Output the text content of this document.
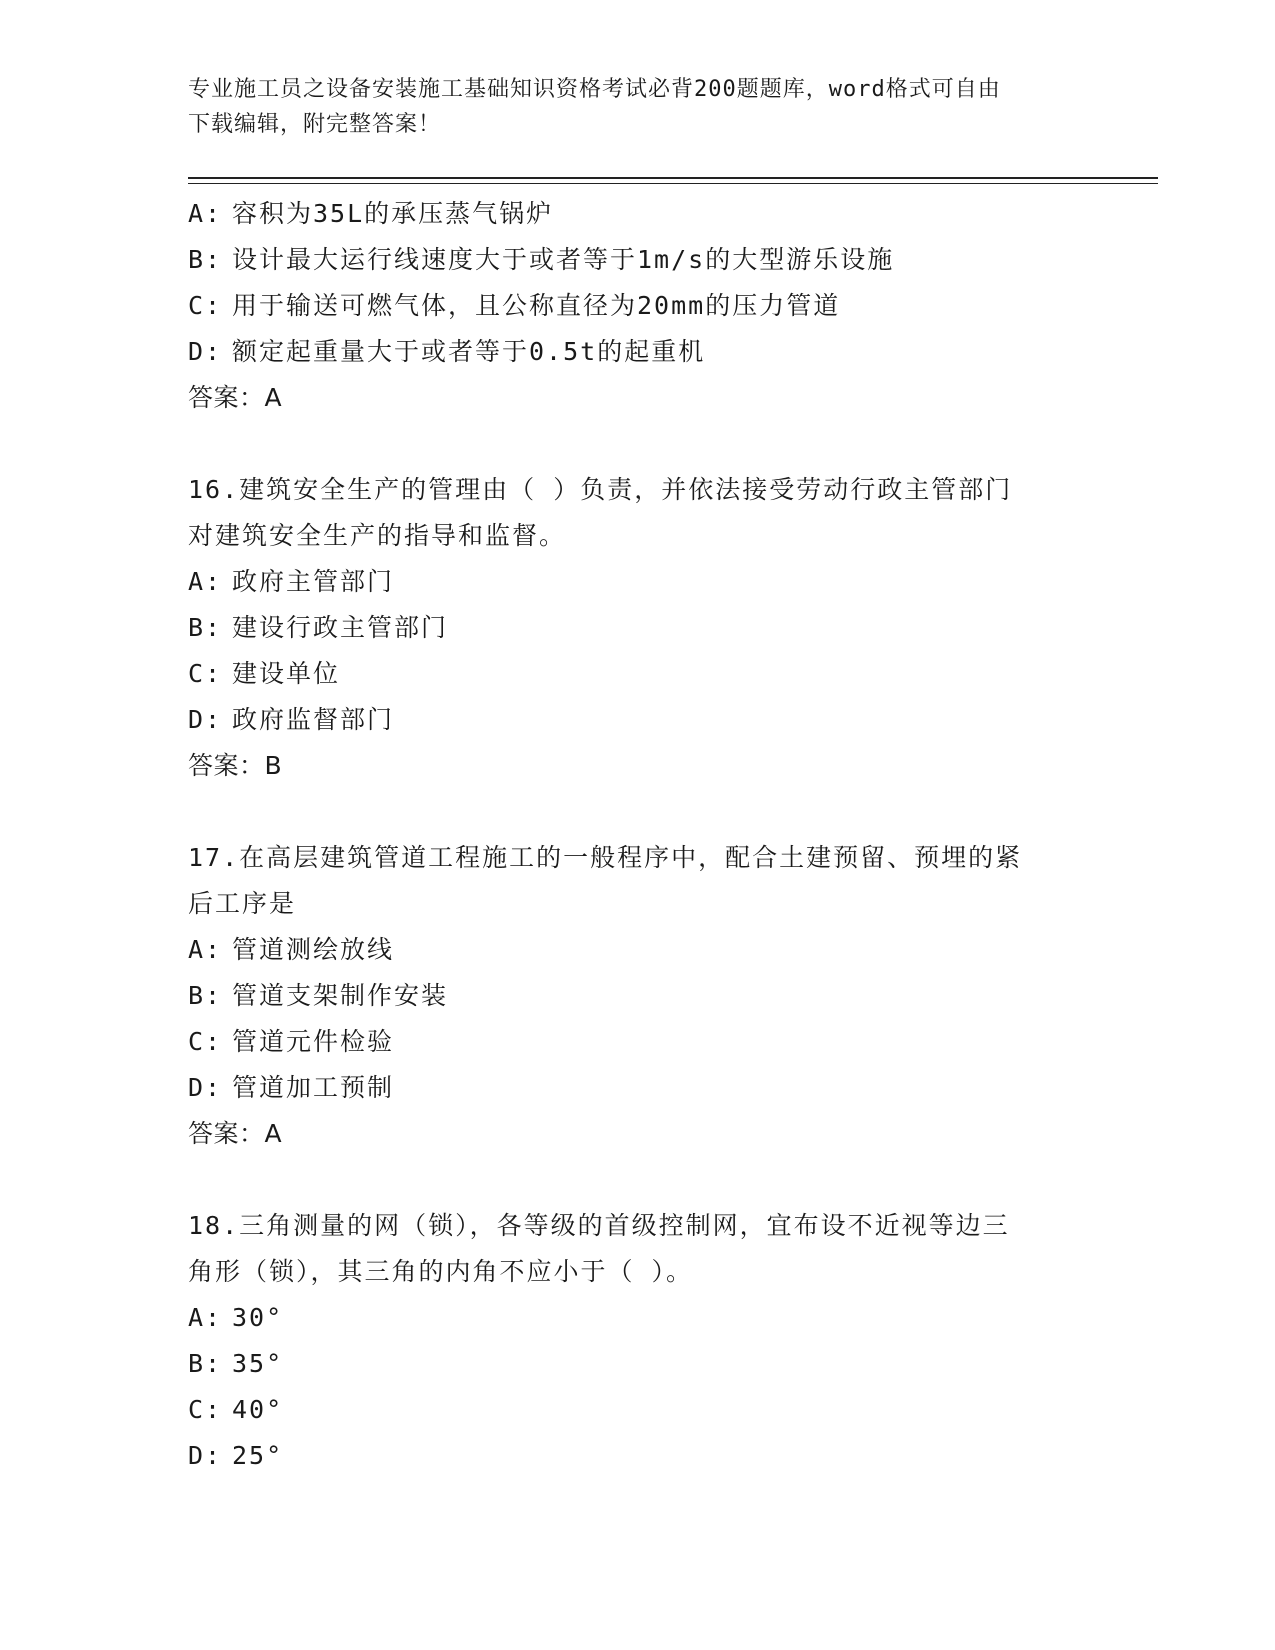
专业施工员之设备安装施工基础知识资格考试必背200题题库，word格式可自由
下载编辑，附完整答案！
A: 容积为35L的承压蒸气锅炉
B: 设计最大运行线速度大于或者等于1m/s的大型游乐设施
C: 用于输送可燃气体，且公称直径为20mm的压力管道
D: 额定起重量大于或者等于0.5t的起重机
答案：A
16.建筑安全生产的管理由（ ）负责，并依法接受劳动行政主管部门
对建筑安全生产的指导和监督。
A: 政府主管部门
B: 建设行政主管部门
C: 建设单位
D: 政府监督部门
答案：B
17.在高层建筑管道工程施工的一般程序中，配合土建预留、预埋的紧
后工序是
A: 管道测绘放线
B: 管道支架制作安装
C: 管道元件检验
D: 管道加工预制
答案：A
18.三角测量的网（锁），各等级的首级控制网，宜布设不近视等边三
角形（锁），其三角的内角不应小于（ ）。
A: 30°
B: 35°
C: 40°
D: 25°
